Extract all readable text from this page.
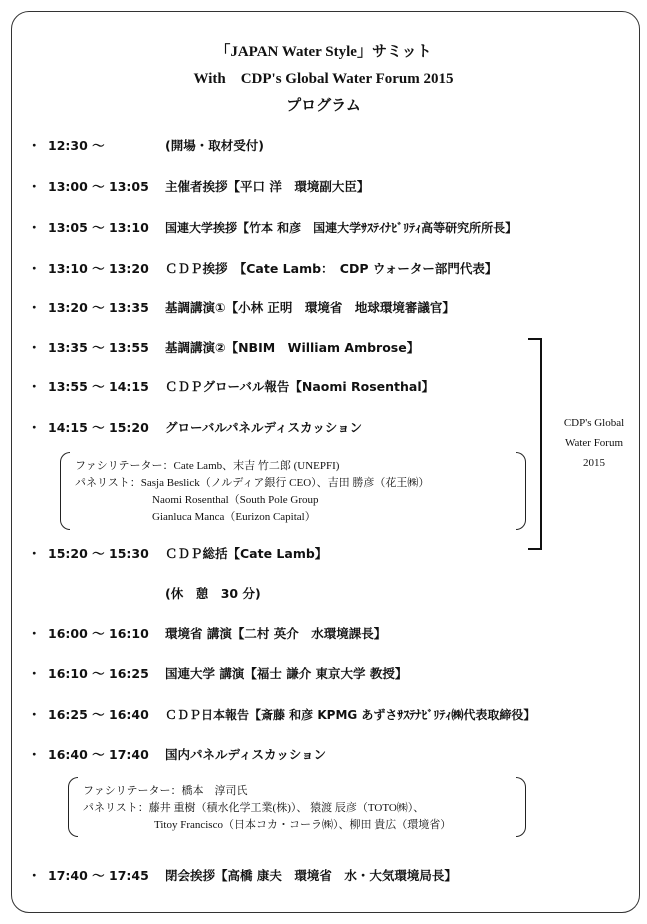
「JAPAN Water Style」サミット
With　CDP's Global Water Forum 2015
プログラム
・ 12:30 ～	(開場・取材受付)
・ 13:00 ～ 13:05 主催者挨拶【平口 洋　環境副大臣】
・ 13:05 ～ 13:10 国連大学挨拶【竹本 和彦　国連大学ｻｽﾃｲﾅﾋﾞﾘﾃｨ高等研究所所長】
・ 13:10 ～ 13:20 ＣＤＰ挨拶　【Cate Lamb：　CDP ウォーター部門代表】
・ 13:20 ～ 13:35 基調講演①【小林 正明　環境省　地球環境審議官】
・ 13:35 ～ 13:55 基調講演②【NBIM　William Ambrose】
・ 13:55 ～ 14:15 ＣＤＰグローバル報告【Naomi Rosenthal】
・ 14:15 ～ 15:20 グローバルパネルディスカッション
ファシリテーター：Cate Lamb、末吉 竹二郎 (UNEPFI)
パネリスト：Sasja Beslick（ノルディア銀行 CEO）、吉田 勝彦（花王㈱）
Naomi Rosenthal（South Pole Group
Gianluca Manca（Eurizon Capital）
・ 15:20 ～ 15:30 ＣＤＰ総括【Cate Lamb】
(休　憩　30 分)
・ 16:00 ～ 16:10 環境省 講演【二村 英介　水環境課長】
・ 16:10 ～ 16:25 国連大学 講演【福士 謙介 東京大学 教授】
・ 16:25 ～ 16:40 ＣＤＰ日本報告【斎藤 和彦 KPMG あずさｻｽﾃﾅﾋﾞﾘﾃｨ㈱代表取締役】
・ 16:40 ～ 17:40 国内パネルディスカッション
ファシリテーター：橋本　淳司氏
パネリスト：藤井 重樹（積水化学工業(株)）、 猿渡 辰彦（TOTO㈱）、
Titoy Francisco（日本コカ・コーラ㈱）、柳田 貴広（環境省）
・ 17:40 ～ 17:45 閉会挨拶【高橋 康夫　環境省　水・大気環境局長】
CDP's Global
Water Forum
2015
